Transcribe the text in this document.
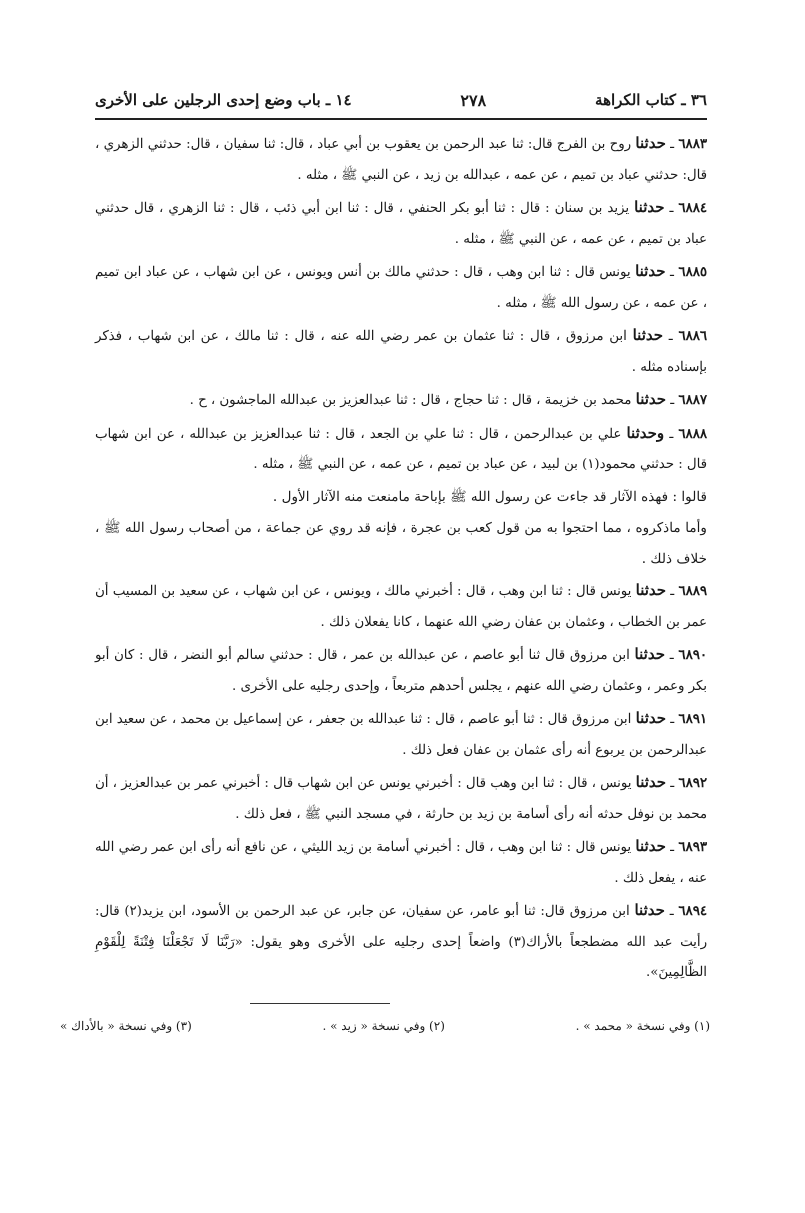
٣٦ ـ كتاب الكراهة
٢٧٨
١٤ ـ باب وضع إحدى الرجلين على الأخرى

٦٨٨٣ ـ حدثنا روح بن الفرج قال: ثنا عبد الرحمن بن يعقوب بن أبي عباد ، قال: ثنا سفيان ، قال: حدثني الزهري ، قال: حدثني عباد بن تميم ، عن عمه ، عبدالله بن زيد ، عن النبي ﷺ ، مثله .

٦٨٨٤ ـ حدثنا يزيد بن سنان : قال : ثنا أبو بكر الحنفي ، قال : ثنا ابن أبي ذئب ، قال : ثنا الزهري ، قال حدثني عباد بن تميم ، عن عمه ، عن النبي ﷺ ، مثله .

٦٨٨٥ ـ حدثنا يونس قال : ثنا ابن وهب ، قال : حدثني مالك بن أنس ويونس ، عن ابن شهاب ، عن عباد ابن تميم ، عن عمه ، عن رسول الله ﷺ ، مثله .

٦٨٨٦ ـ حدثنا ابن مرزوق ، قال : ثنا عثمان بن عمر رضي الله عنه ، قال : ثنا مالك ، عن ابن شهاب ، فذكر بإسناده مثله .

٦٨٨٧ ـ حدثنا محمد بن خزيمة ، قال : ثنا حجاج ، قال : ثنا عبدالعزيز بن عبدالله الماجشون ، ح .

٦٨٨٨ ـ وحدثنا علي بن عبدالرحمن ، قال : ثنا علي بن الجعد ، قال : ثنا عبدالعزيز بن عبدالله ، عن ابن شهاب قال : حدثني محمود(١) بن لبيد ، عن عباد بن تميم ، عن عمه ، عن النبي ﷺ ، مثله .

قالوا : فهذه الآثار قد جاءت عن رسول الله ﷺ بإباحة مامنعت منه الآثار الأول .

وأما ماذكروه ، مما احتجوا به من قول كعب بن عجرة ، فإنه قد روي عن جماعة ، من أصحاب رسول الله ﷺ ، خلاف ذلك .

٦٨٨٩ ـ حدثنا يونس قال : ثنا ابن وهب ، قال : أخبرني مالك ، ويونس ، عن ابن شهاب ، عن سعيد بن المسيب أن عمر بن الخطاب ، وعثمان بن عفان رضي الله عنهما ، كانا يفعلان ذلك .

٦٨٩٠ ـ حدثنا ابن مرزوق قال ثنا أبو عاصم ، عن عبدالله بن عمر ، قال : حدثني سالم أبو النضر ، قال : كان أبو بكر وعمر ، وعثمان رضي الله عنهم ، يجلس أحدهم متربعاً ، وإحدى رجليه على الأخرى .

٦٨٩١ ـ حدثنا ابن مرزوق قال : ثنا أبو عاصم ، قال : ثنا عبدالله بن جعفر ، عن إسماعيل بن محمد ، عن سعيد ابن عبدالرحمن بن يربوع أنه رأى عثمان بن عفان فعل ذلك .

٦٨٩٢ ـ حدثنا يونس ، قال : ثنا ابن وهب قال : أخبرني يونس عن ابن شهاب قال : أخبرني عمر بن عبدالعزيز ، أن محمد بن نوفل حدثه أنه رأى أسامة بن زيد بن حارثة ، في مسجد النبي ﷺ ، فعل ذلك .

٦٨٩٣ ـ حدثنا يونس قال : ثنا ابن وهب ، قال : أخبرني أسامة بن زيد الليثي ، عن نافع أنه رأى ابن عمر رضي الله عنه ، يفعل ذلك .

٦٨٩٤ ـ حدثنا ابن مرزوق قال: ثنا أبو عامر، عن سفيان، عن جابر، عن عبد الرحمن بن الأسود، ابن يزيد(٢) قال: رأيت عبد الله مضطجعاً بالأراك(٣) واضعاً إحدى رجليه على الأخرى وهو يقول: «رَبَّنَا لَا تَجْعَلْنَا فِتْنَةً لِلْقَوْمِ الظَّالِمِينَ».

(١) وفي نسخة « محمد » .
(٢) وفي نسخة « زيد » .
(٣) وفي نسخة « بالأداك »
